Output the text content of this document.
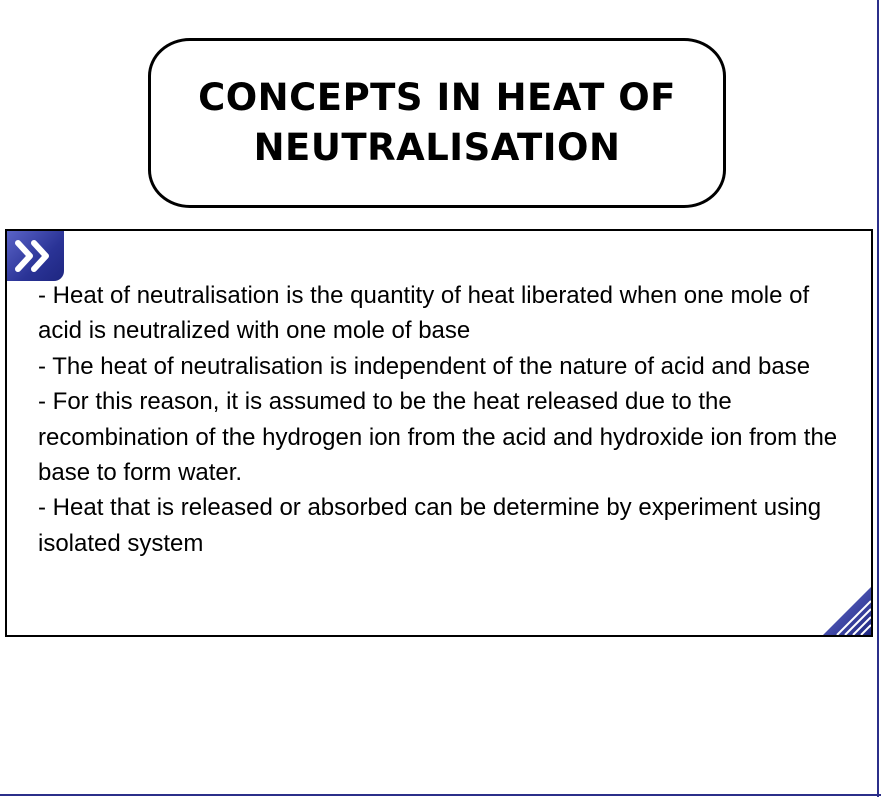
CONCEPTS IN HEAT OF NEUTRALISATION

- Heat of neutralisation is the quantity of heat liberated when one mole of acid is neutralized with one mole of base

- The heat of neutralisation is independent of the nature of acid and base

- For this reason, it is assumed to be the heat released due to the recombination of the hydrogen ion from the acid and hydroxide ion from the base to form water.

- Heat that is released or absorbed can be determine by experiment using isolated system
